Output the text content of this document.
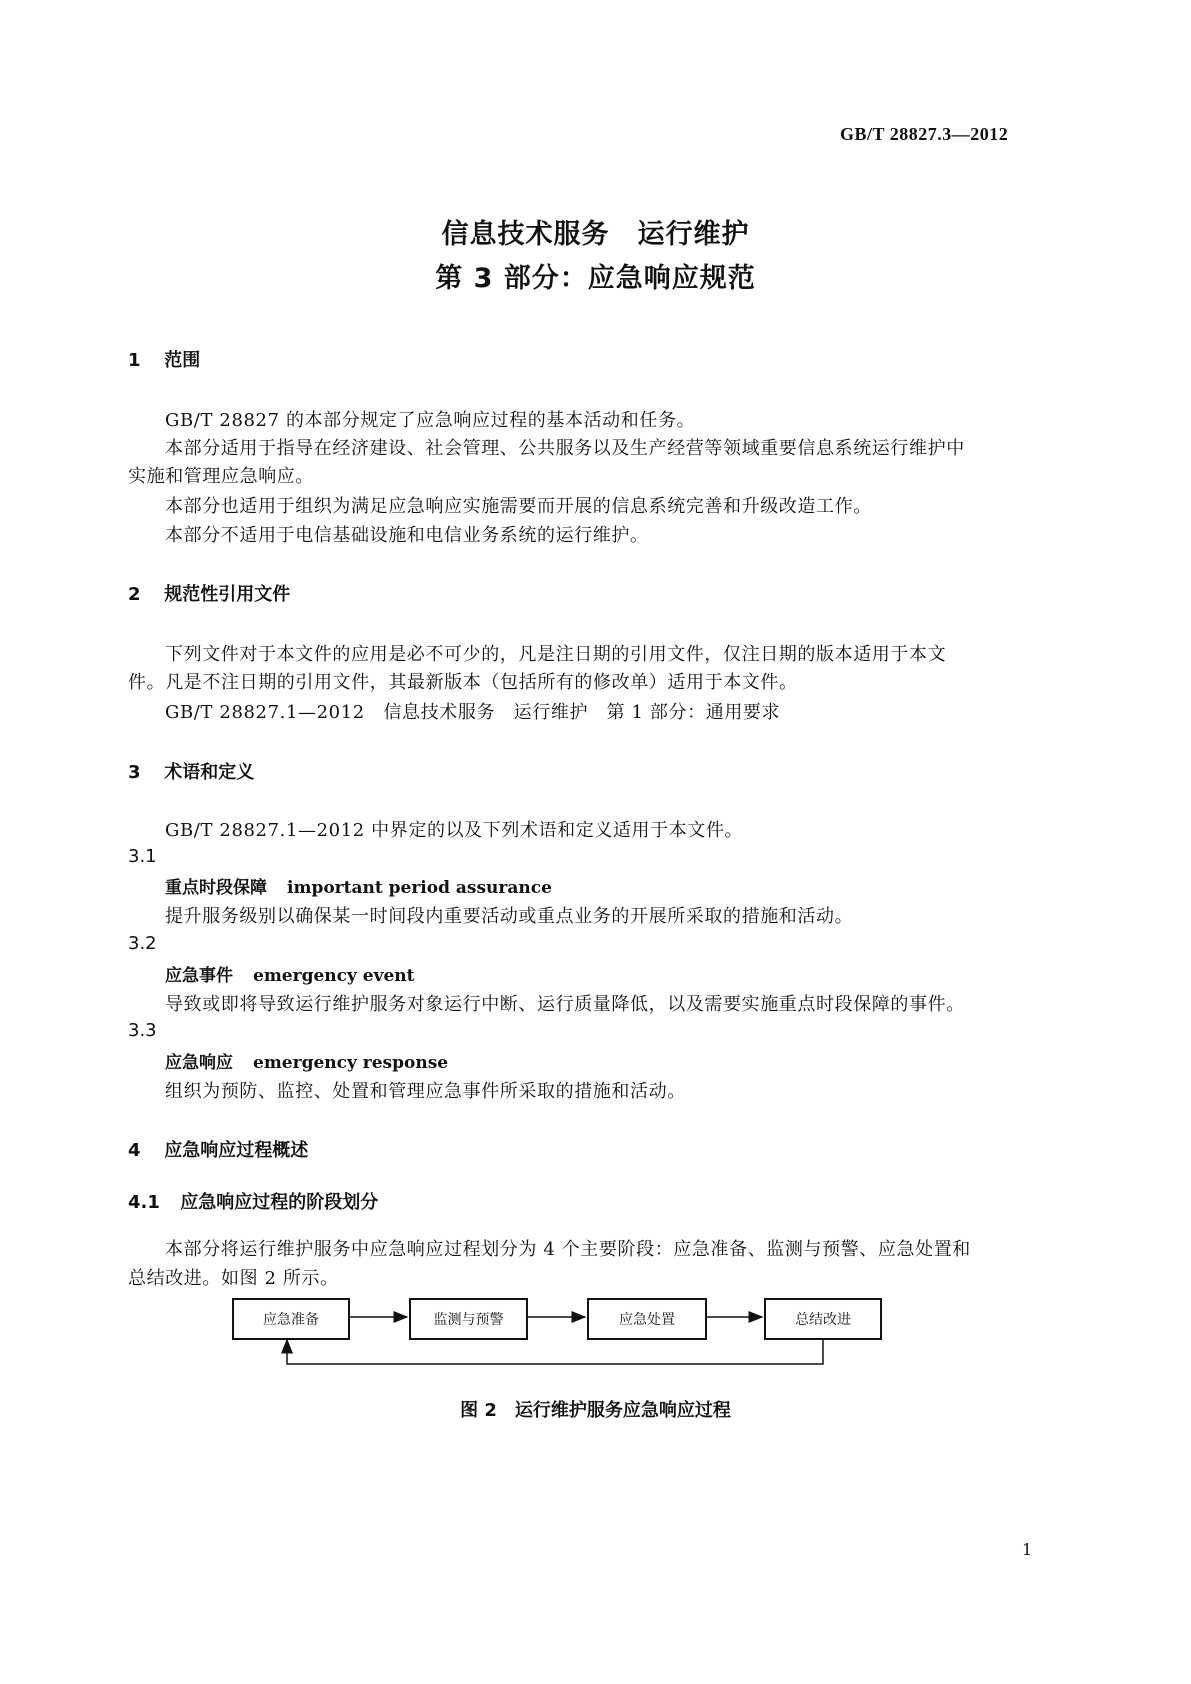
GB/T 28827.3—2012
信息技术服务　运行维护
第 3 部分：应急响应规范
1 范围
GB/T 28827 的本部分规定了应急响应过程的基本活动和任务。
本部分适用于指导在经济建设、社会管理、公共服务以及生产经营等领域重要信息系统运行维护中
实施和管理应急响应。
本部分也适用于组织为满足应急响应实施需要而开展的信息系统完善和升级改造工作。
本部分不适用于电信基础设施和电信业务系统的运行维护。
2 规范性引用文件
下列文件对于本文件的应用是必不可少的，凡是注日期的引用文件，仅注日期的版本适用于本文
件。凡是不注日期的引用文件，其最新版本（包括所有的修改单）适用于本文件。
GB/T 28827.1—2012　信息技术服务　运行维护　第 1 部分：通用要求
3 术语和定义
GB/T 28827.1—2012 中界定的以及下列术语和定义适用于本文件。
3.1
重点时段保障 important period assurance
提升服务级别以确保某一时间段内重要活动或重点业务的开展所采取的措施和活动。
3.2
应急事件 emergency event
导致或即将导致运行维护服务对象运行中断、运行质量降低，以及需要实施重点时段保障的事件。
3.3
应急响应 emergency response
组织为预防、监控、处置和管理应急事件所采取的措施和活动。
4 应急响应过程概述
4.1 应急响应过程的阶段划分
本部分将运行维护服务中应急响应过程划分为 4 个主要阶段：应急准备、监测与预警、应急处置和
总结改进。如图 2 所示。
应急准备	监测与预警	应急处置	总结改进
图 2　运行维护服务应急响应过程
1
